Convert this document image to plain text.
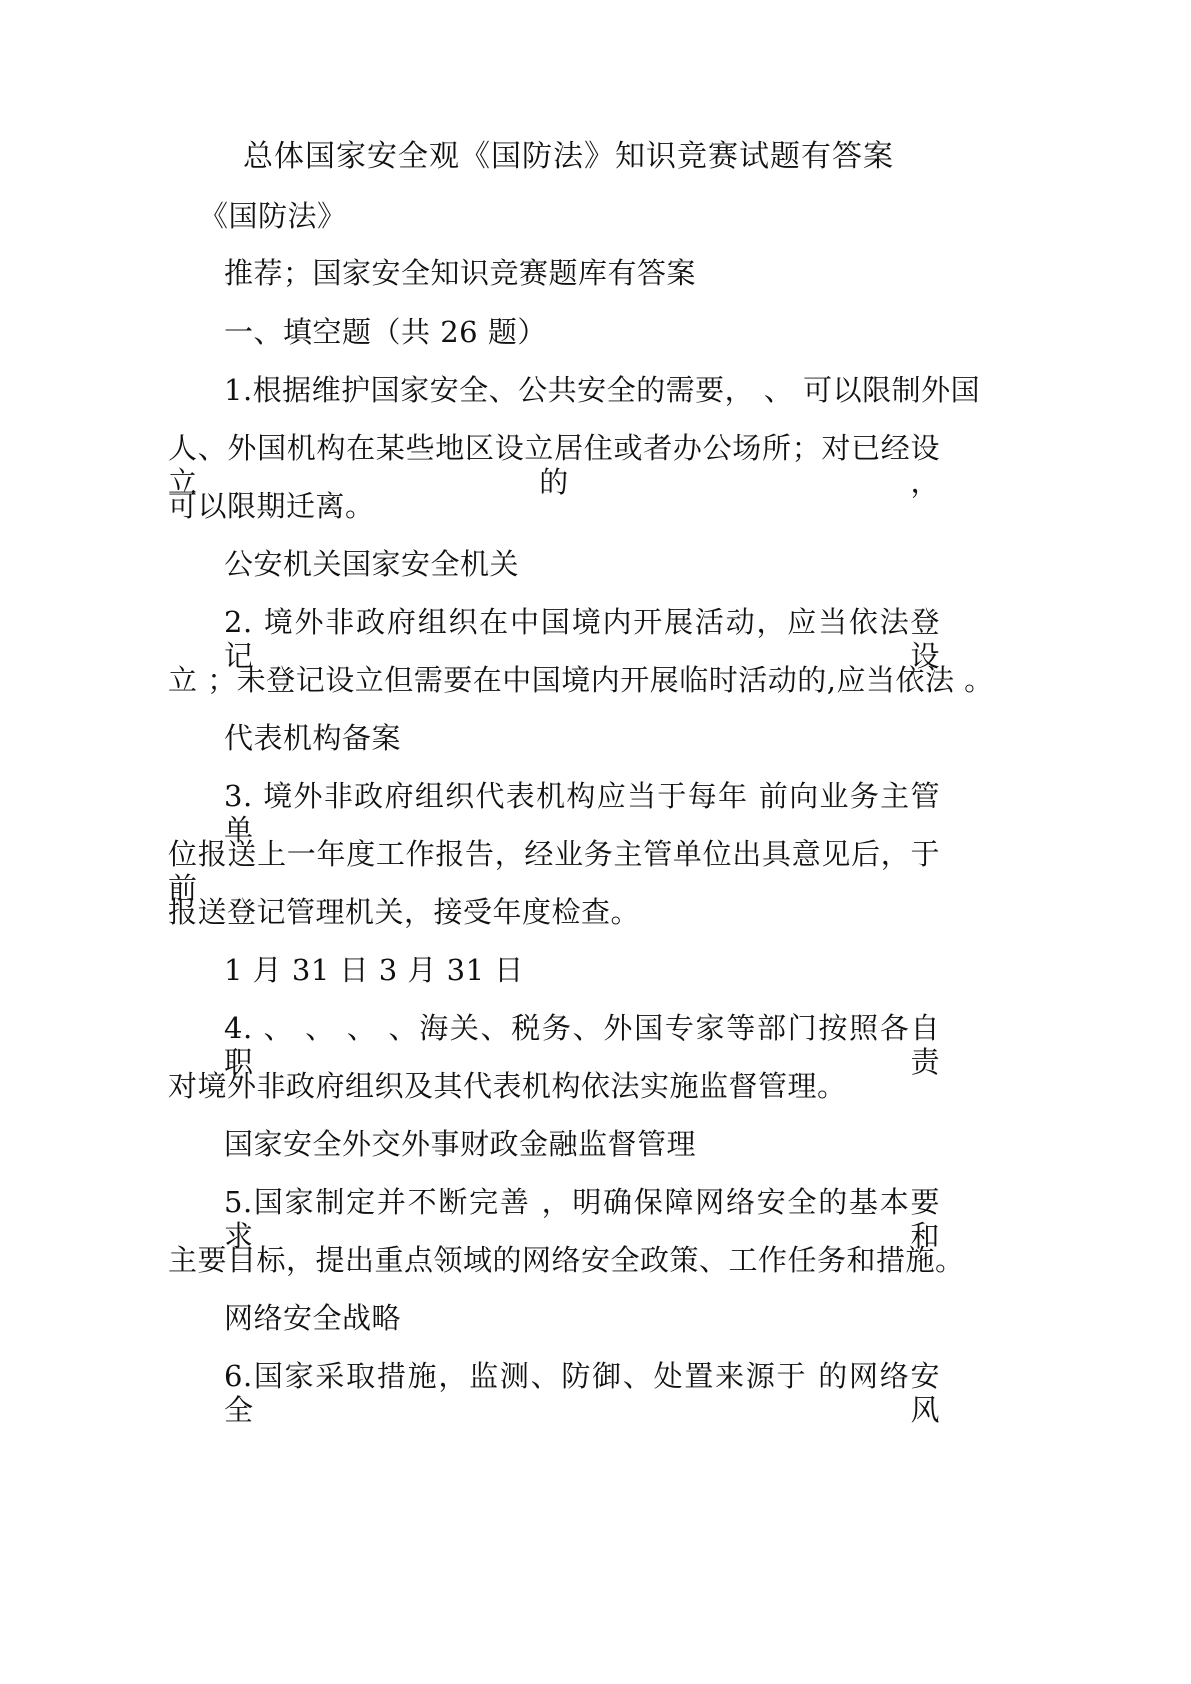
总体国家安全观《国防法》知识竞赛试题有答案
《国防法》
推荐；国家安全知识竞赛题库有答案
一、填空题（共 26 题）
1.根据维护国家安全、公共安全的需要， 、 可以限制外国
人、外国机构在某些地区设立居住或者办公场所；对已经设立的，
可以限期迁离。
公安机关国家安全机关
2. 境外非政府组织在中国境内开展活动，应当依法登记设
立 ；未登记设立但需要在中国境内开展临时活动的,应当依法 。
代表机构备案
3. 境外非政府组织代表机构应当于每年 前向业务主管单
位报送上一年度工作报告，经业务主管单位出具意见后，于 前
报送登记管理机关，接受年度检查。
1 月 31 日 3 月 31 日
4. 、 、 、 、海关、税务、外国专家等部门按照各自职责
对境外非政府组织及其代表机构依法实施监督管理。
国家安全外交外事财政金融监督管理
5.国家制定并不断完善 ，明确保障网络安全的基本要求和
主要目标，提出重点领域的网络安全政策、工作任务和措施。
网络安全战略
6.国家采取措施，监测、防御、处置来源于 的网络安全风
